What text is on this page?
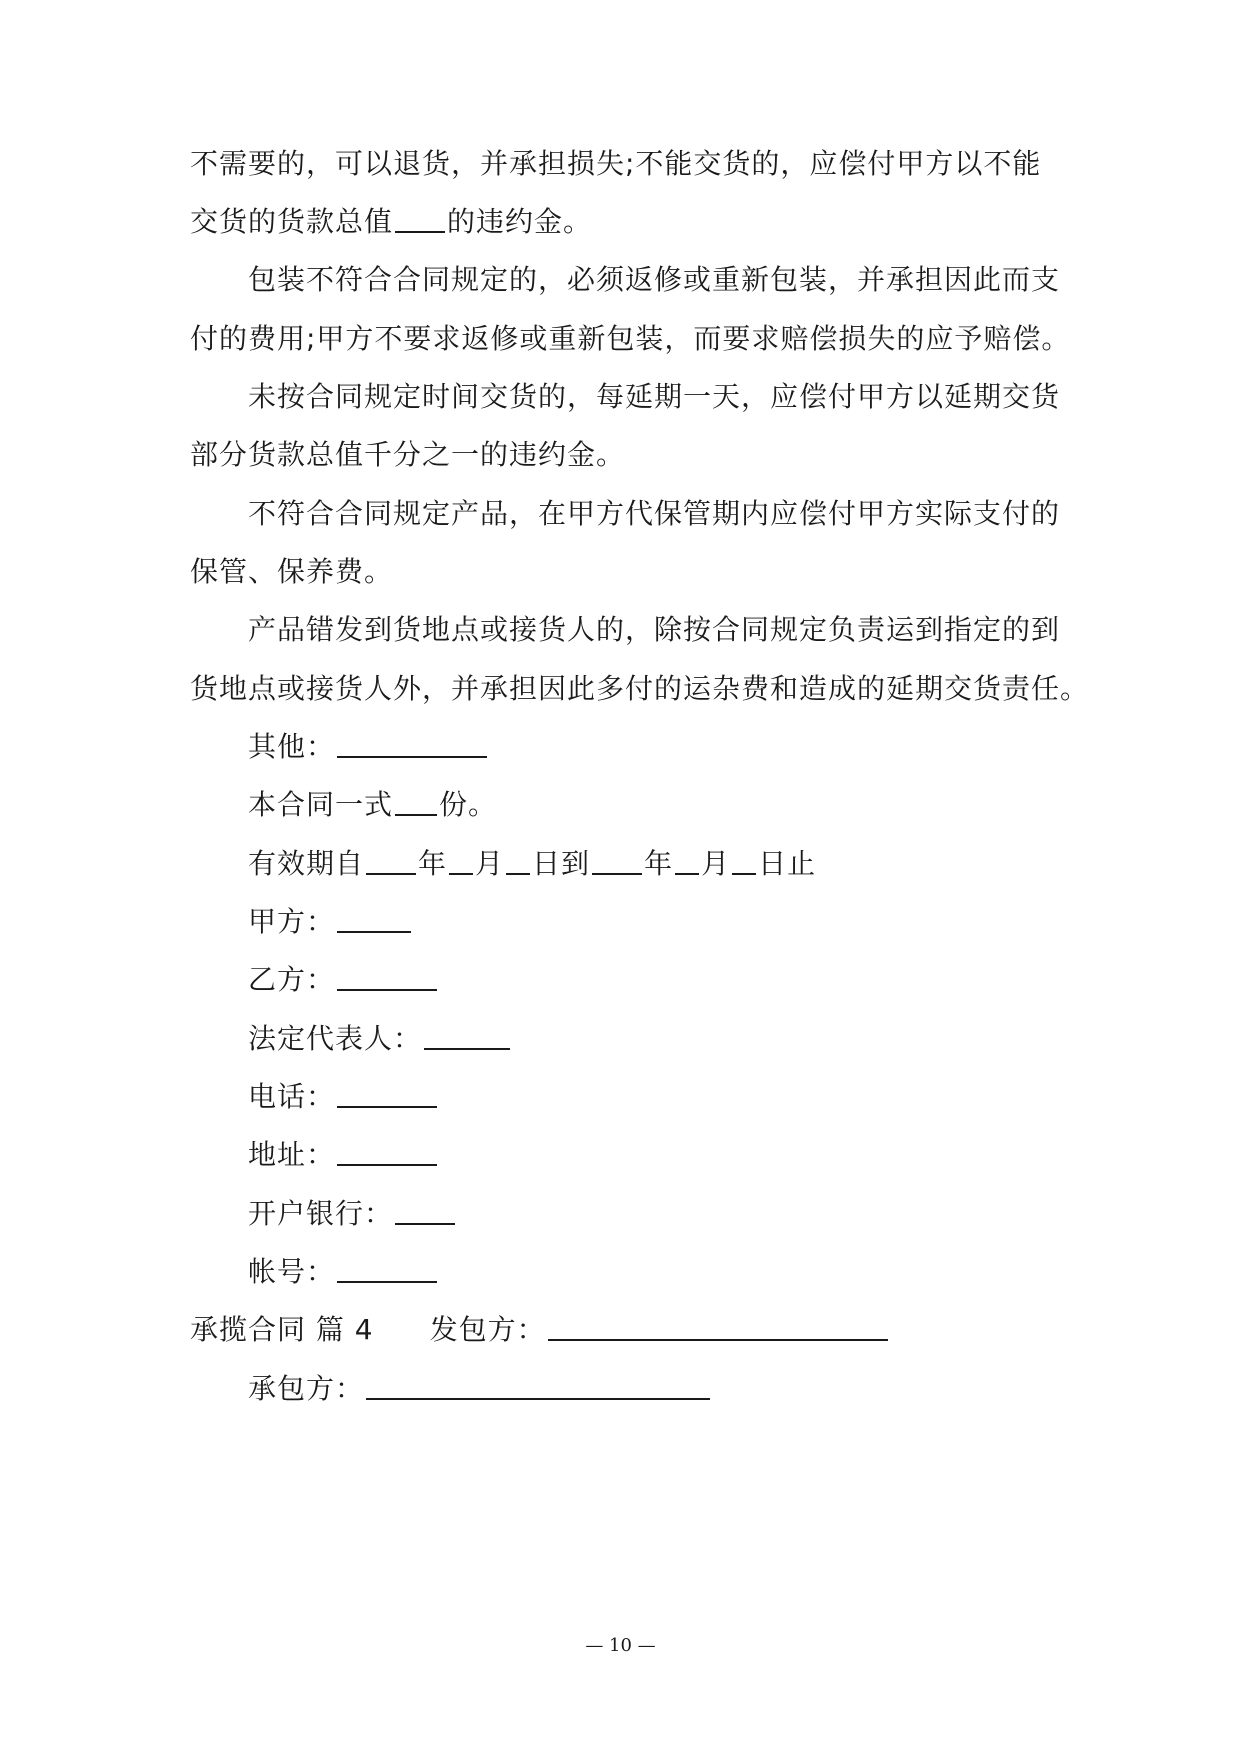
不需要的，可以退货，并承担损失;不能交货的，应偿付甲方以不能
交货的货款总值 的违约金。
包装不符合合同规定的，必须返修或重新包装，并承担因此而支
付的费用;甲方不要求返修或重新包装，而要求赔偿损失的应予赔偿。
未按合同规定时间交货的，每延期一天，应偿付甲方以延期交货
部分货款总值千分之一的违约金。
不符合合同规定产品，在甲方代保管期内应偿付甲方实际支付的
保管、保养费。
产品错发到货地点或接货人的，除按合同规定负责运到指定的到
货地点或接货人外，并承担因此多付的运杂费和造成的延期交货责任。
其他：
本合同一式 份。
有效期自 年 月 日到 年 月 日止
甲方：
乙方：
法定代表人：
电话：
地址：
开户银行：
帐号：
承揽合同 篇 4 发包方：
承包方：
— 10 —
